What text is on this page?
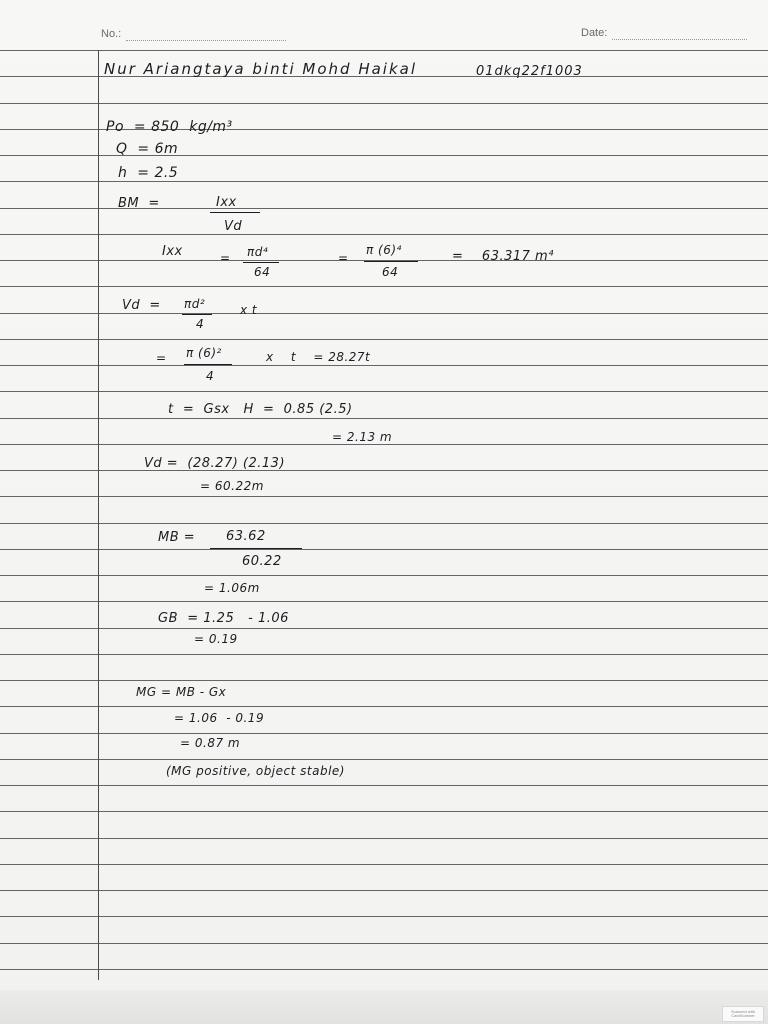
No.:	Date:
Nur Ariangtaya binti Mohd Haikal	01dkq22f1003
Po  = 850  kg/m³
Q  = 6m
h  = 2.5
BM  =	Ixx
Vd
Ixx	= πd⁴
64
=
π (6)⁴
64
=    63.317 m⁴
Vd  = πd²
4
x t
= π (6)²
4
x    t    = 28.27t
t  =  Gsx   H  =  0.85 (2.5)
= 2.13 m
Vd =  (28.27) (2.13)
= 60.22m
MB = 63.62
60.22
= 1.06m
GB  = 1.25   - 1.06
= 0.19
MG = MB - Gx
= 1.06  - 0.19
= 0.87 m
(MG positive, object stable)
Scanned with CamScanner
